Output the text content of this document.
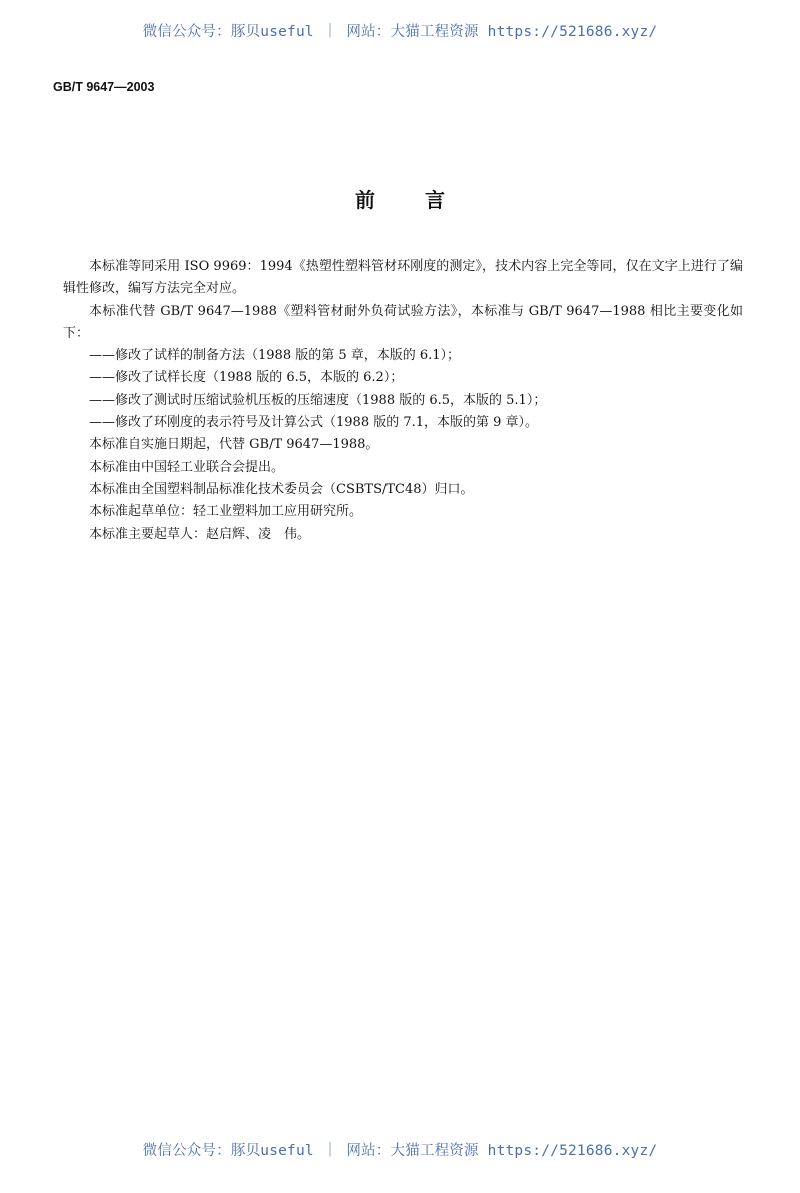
微信公众号：豚贝useful ｜ 网站：大猫工程资源 https://521686.xyz/
GB/T 9647—2003
前言

本标准等同采用 ISO 9969：1994《热塑性塑料管材环刚度的测定》，技术内容上完全等同，仅在文字上进行了编辑性修改，编写方法完全对应。

本标准代替 GB/T 9647—1988《塑料管材耐外负荷试验方法》，本标准与 GB/T 9647—1988 相比主要变化如下：

——修改了试样的制备方法（1988 版的第 5 章，本版的 6.1）；

——修改了试样长度（1988 版的 6.5，本版的 6.2）；

——修改了测试时压缩试验机压板的压缩速度（1988 版的 6.5，本版的 5.1）；

——修改了环刚度的表示符号及计算公式（1988 版的 7.1，本版的第 9 章）。

本标准自实施日期起，代替 GB/T 9647—1988。

本标准由中国轻工业联合会提出。

本标准由全国塑料制品标准化技术委员会（CSBTS/TC48）归口。

本标准起草单位：轻工业塑料加工应用研究所。

本标准主要起草人：赵启辉、凌　伟。

微信公众号：豚贝useful ｜ 网站：大猫工程资源 https://521686.xyz/
